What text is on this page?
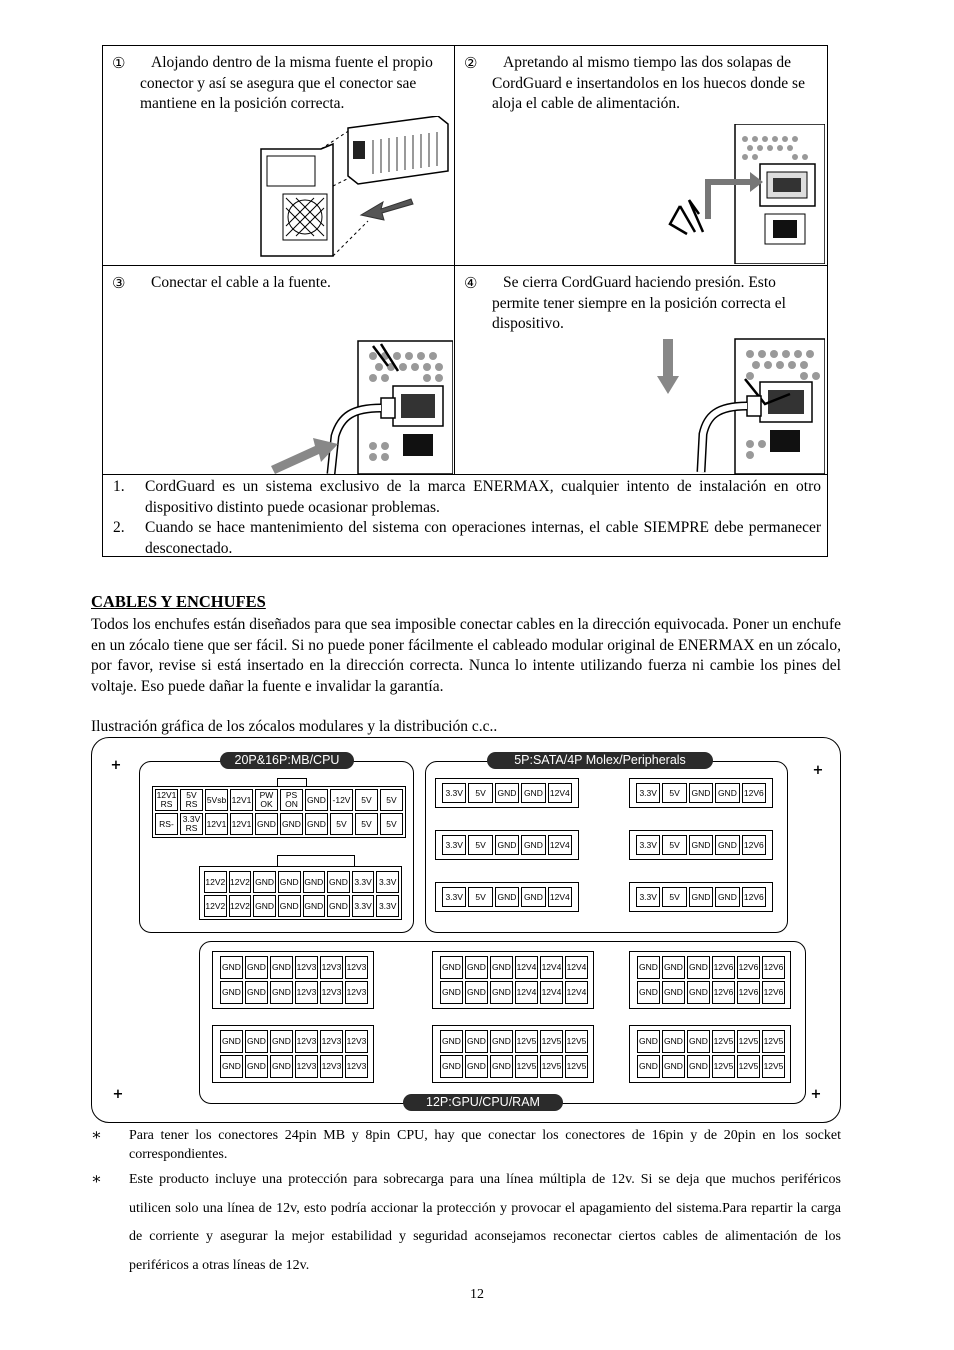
①	Alojando dentro de la misma fuente el propio conector y así se asegura que el conector sae mantiene en la posición correcta.
②	Apretando al mismo tiempo las dos solapas de CordGuard e insertandolos en los huecos donde se aloja el cable de alimentación.
③	Conectar el cable a la fuente.	④	Se cierra CordGuard haciendo presión. Esto permite tener siempre en la posición correcta el dispositivo.
1.	CordGuard es un sistema exclusivo de la marca ENERMAX, cualquier intento de instalación en otro dispositivo distinto puede ocasionar problemas.
2.	Cuando se hace mantenimiento del sistema con operaciones internas, el cable SIEMPRE debe permanecer desconectado.
CABLES Y ENCHUFES
Todos los enchufes están diseñados para que sea imposible conectar cables en la dirección equivocada. Poner un enchufe en un zócalo tiene que ser fácil. Si no puede poner fácilmente el cableado modular original de ENERMAX en un zócalo, por favor, revise si está insertado en la dirección correcta. Nunca lo intente utilizando fuerza ni cambie los pines del voltaje. Eso puede dañar la fuente e invalidar la garantía.
Ilustración gráfica de los zócalos modulares y la distribución c.c..
+	+
+	+
20P&16P:MB/CPU
12V1
RS
5V
RS	5Vsb 12V1 PW
OK
PS
ON	GND -12V	5V	5V
RS-	3.3V
RS	12V1 12V1 GND GND GND	5V	5V	5V
12V2 12V2 GND GND GND GND 3.3V 3.3V
12V2 12V2 GND GND GND GND 3.3V 3.3V
5P:SATA/4P Molex/Peripherals
12P:GPU/CPU/RAM
3.3V	5V	GND GND 12V4
3.3V	5V	GND GND 12V4
3.3V	5V	GND GND 12V4
3.3V	5V	GND GND 12V6
3.3V	5V	GND GND 12V6
3.3V	5V	GND GND 12V6
GND GND GND 12V3 12V3 12V3
GND GND GND 12V3 12V3 12V3
GND GND GND 12V4 12V4 12V4
GND GND GND 12V4 12V4 12V4
GND GND GND 12V6 12V6 12V6
GND GND GND 12V6 12V6 12V6
GND GND GND 12V3 12V3 12V3
GND GND GND 12V3 12V3 12V3
GND GND GND 12V5 12V5 12V5
GND GND GND 12V5 12V5 12V5
GND GND GND 12V5 12V5 12V5
GND GND GND 12V5 12V5 12V5
∗	Para tener los conectores 24pin MB y 8pin CPU, hay que conectar los conectores de 16pin y de 20pin en los socket correspondientes.
∗	Este producto incluye una protección para sobrecarga para una línea múltipla de 12v. Si se deja que muchos periféricos utilicen solo una línea de 12v, esto podría accionar la protección y provocar el apagamiento del sistema.Para repartir la carga de corriente y asegurar la mejor estabilidad y seguridad aconsejamos reconectar ciertos cables de alimentación de los periféricos a otras líneas de 12v.
12
